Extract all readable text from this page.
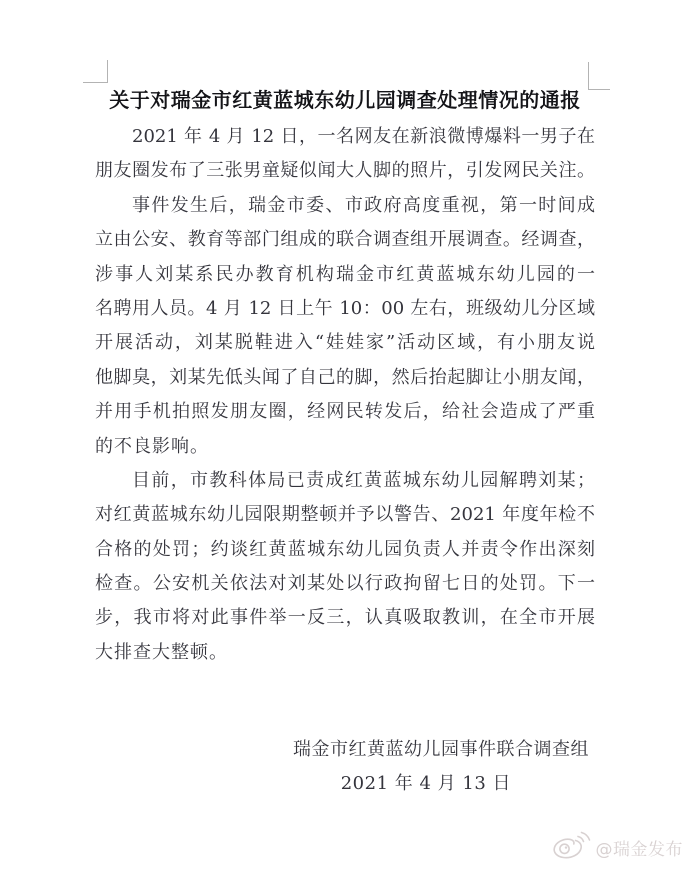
关于对瑞金市红黄蓝城东幼儿园调查处理情况的通报
2021 年 4 月 12 日，一名网友在新浪微博爆料一男子在
朋友圈发布了三张男童疑似闻大人脚的照片，引发网民关注。
事件发生后，瑞金市委、市政府高度重视，第一时间成
立由公安、教育等部门组成的联合调查组开展调查。经调查，
涉事人刘某系民办教育机构瑞金市红黄蓝城东幼儿园的一
名聘用人员。4 月 12 日上午 10：00 左右，班级幼儿分区域
开展活动，刘某脱鞋进入“娃娃家”活动区域，有小朋友说
他脚臭，刘某先低头闻了自己的脚，然后抬起脚让小朋友闻，
并用手机拍照发朋友圈，经网民转发后，给社会造成了严重
的不良影响。
目前，市教科体局已责成红黄蓝城东幼儿园解聘刘某；
对红黄蓝城东幼儿园限期整顿并予以警告、2021 年度年检不
合格的处罚；约谈红黄蓝城东幼儿园负责人并责令作出深刻
检查。公安机关依法对刘某处以行政拘留七日的处罚。下一
步，我市将对此事件举一反三，认真吸取教训，在全市开展
大排查大整顿。
瑞金市红黄蓝幼儿园事件联合调查组
2021 年 4 月 13 日
@瑞金发布
